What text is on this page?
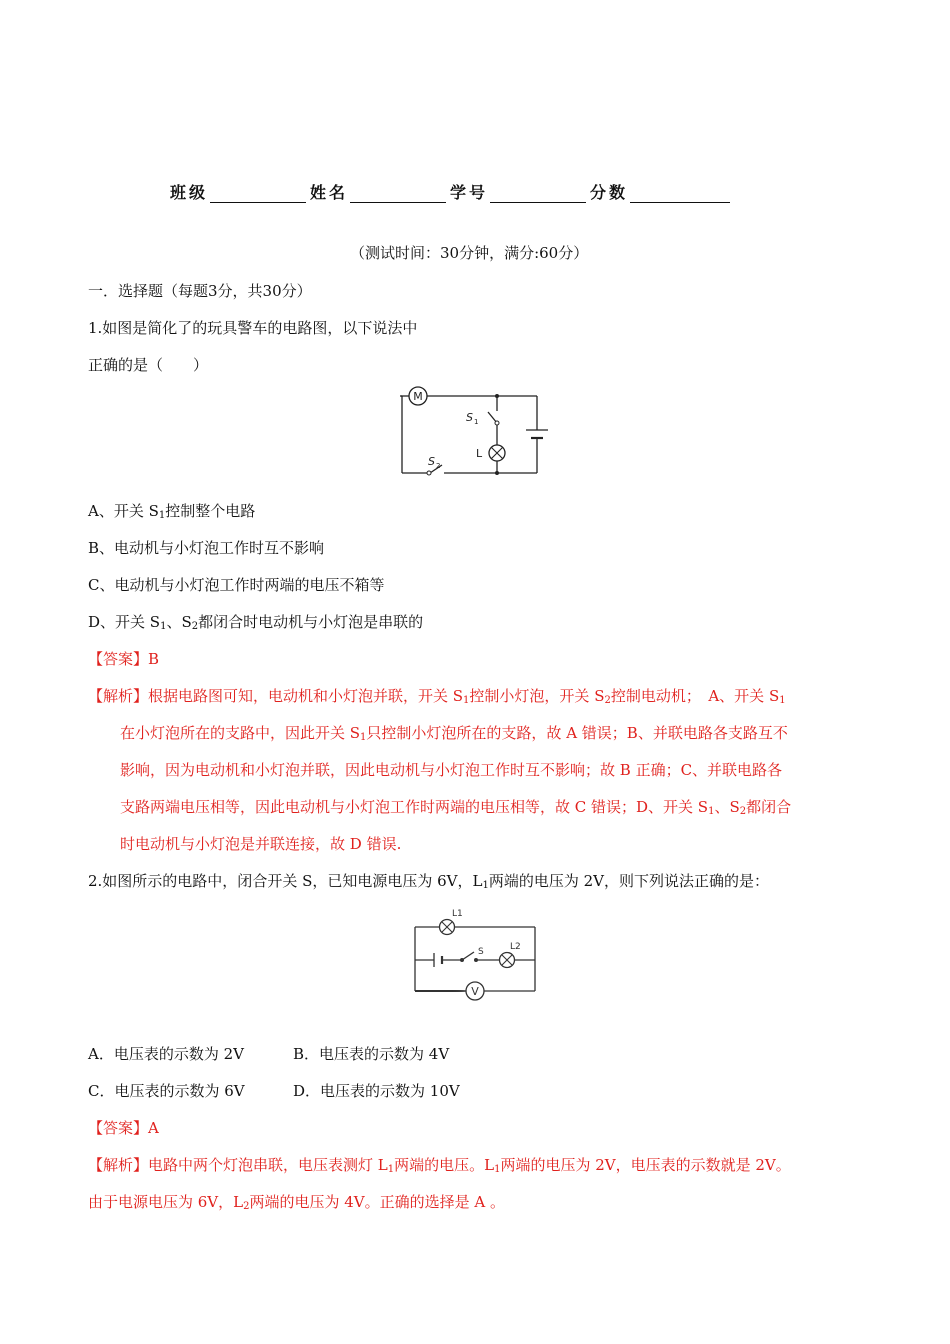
班级	姓名	学号	分数
（测试时间：30分钟，满分:60分）
一．选择题（每题3分，共30分）
1.如图是简化了的玩具警车的电路图，以下说法中
正确的是（　　）
M
S 1
L
S 2
A、开关 $S_1$控制整个电路
B、电动机与小灯泡工作时互不影响
C、电动机与小灯泡工作时两端的电压不箱等
D、开关 $S_1$、$S_2$都闭合时电动机与小灯泡是串联的
【答案】B
【解析】根据电路图可知，电动机和小灯泡并联，开关 $S_1$控制小灯泡，开关 $S_2$控制电动机；　A、开关 $S_1$
在小灯泡所在的支路中，因此开关 $S_1$只控制小灯泡所在的支路，故 A 错误；B、并联电路各支路互不
影响，因为电动机和小灯泡并联，因此电动机与小灯泡工作时互不影响；故 B 正确；C、并联电路各
支路两端电压相等，因此电动机与小灯泡工作时两端的电压相等，故 C 错误；D、开关 $S_1$、$S_2$都闭合
时电动机与小灯泡是并联连接，故 D 错误.
2.如图所示的电路中，闭合开关 S，已知电源电压为 6V，$L_1$两端的电压为 2V，则下列说法正确的是：
L1
S	L2
V
A．电压表的示数为 2V	B．电压表的示数为 4V
C．电压表的示数为 6V	D．电压表的示数为 10V
【答案】A
【解析】电路中两个灯泡串联，电压表测灯 $L_1$两端的电压。$L_1$两端的电压为 2V，电压表的示数就是 2V。
由于电源电压为 6V，$L_2$两端的电压为 4V。正确的选择是 A 。
